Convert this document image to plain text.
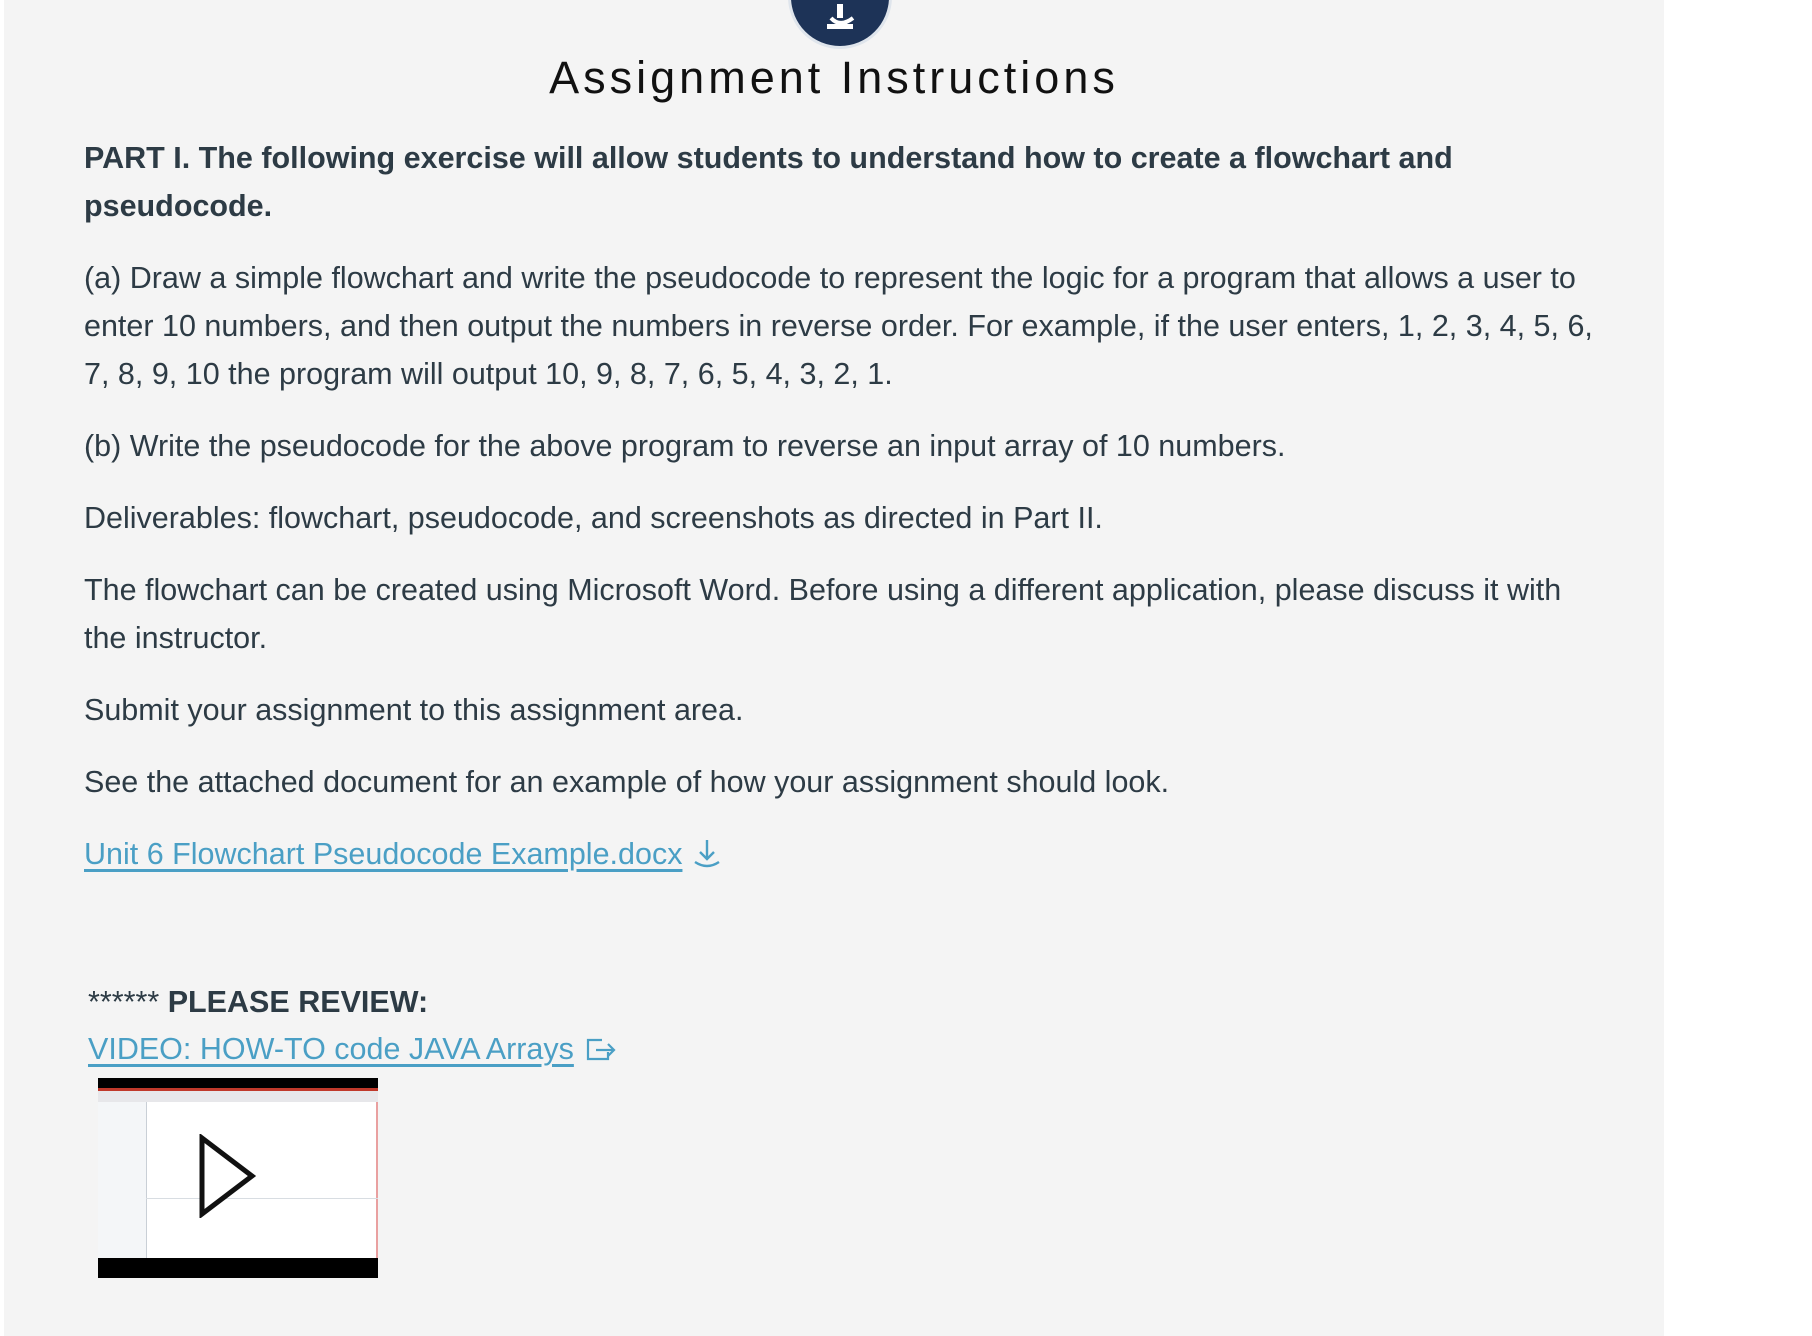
Assignment Instructions

PART I. The following exercise will allow students to understand how to create a flowchart and pseudocode.

(a) Draw a simple flowchart and write the pseudocode to represent the logic for a program that allows a user to enter 10 numbers, and then output the numbers in reverse order. For example, if the user enters, 1, 2, 3, 4, 5, 6, 7, 8, 9, 10 the program will output 10, 9, 8, 7, 6, 5, 4, 3, 2, 1.

(b) Write the pseudocode for the above program to reverse an input array of 10 numbers.

Deliverables: flowchart, pseudocode, and screenshots as directed in Part II.

The flowchart can be created using Microsoft Word. Before using a different application, please discuss it with the instructor.

Submit your assignment to this assignment area.

See the attached document for an example of how your assignment should look.

Unit 6 Flowchart Pseudocode Example.docx
****** PLEASE REVIEW:
VIDEO: HOW-TO code JAVA Arrays
